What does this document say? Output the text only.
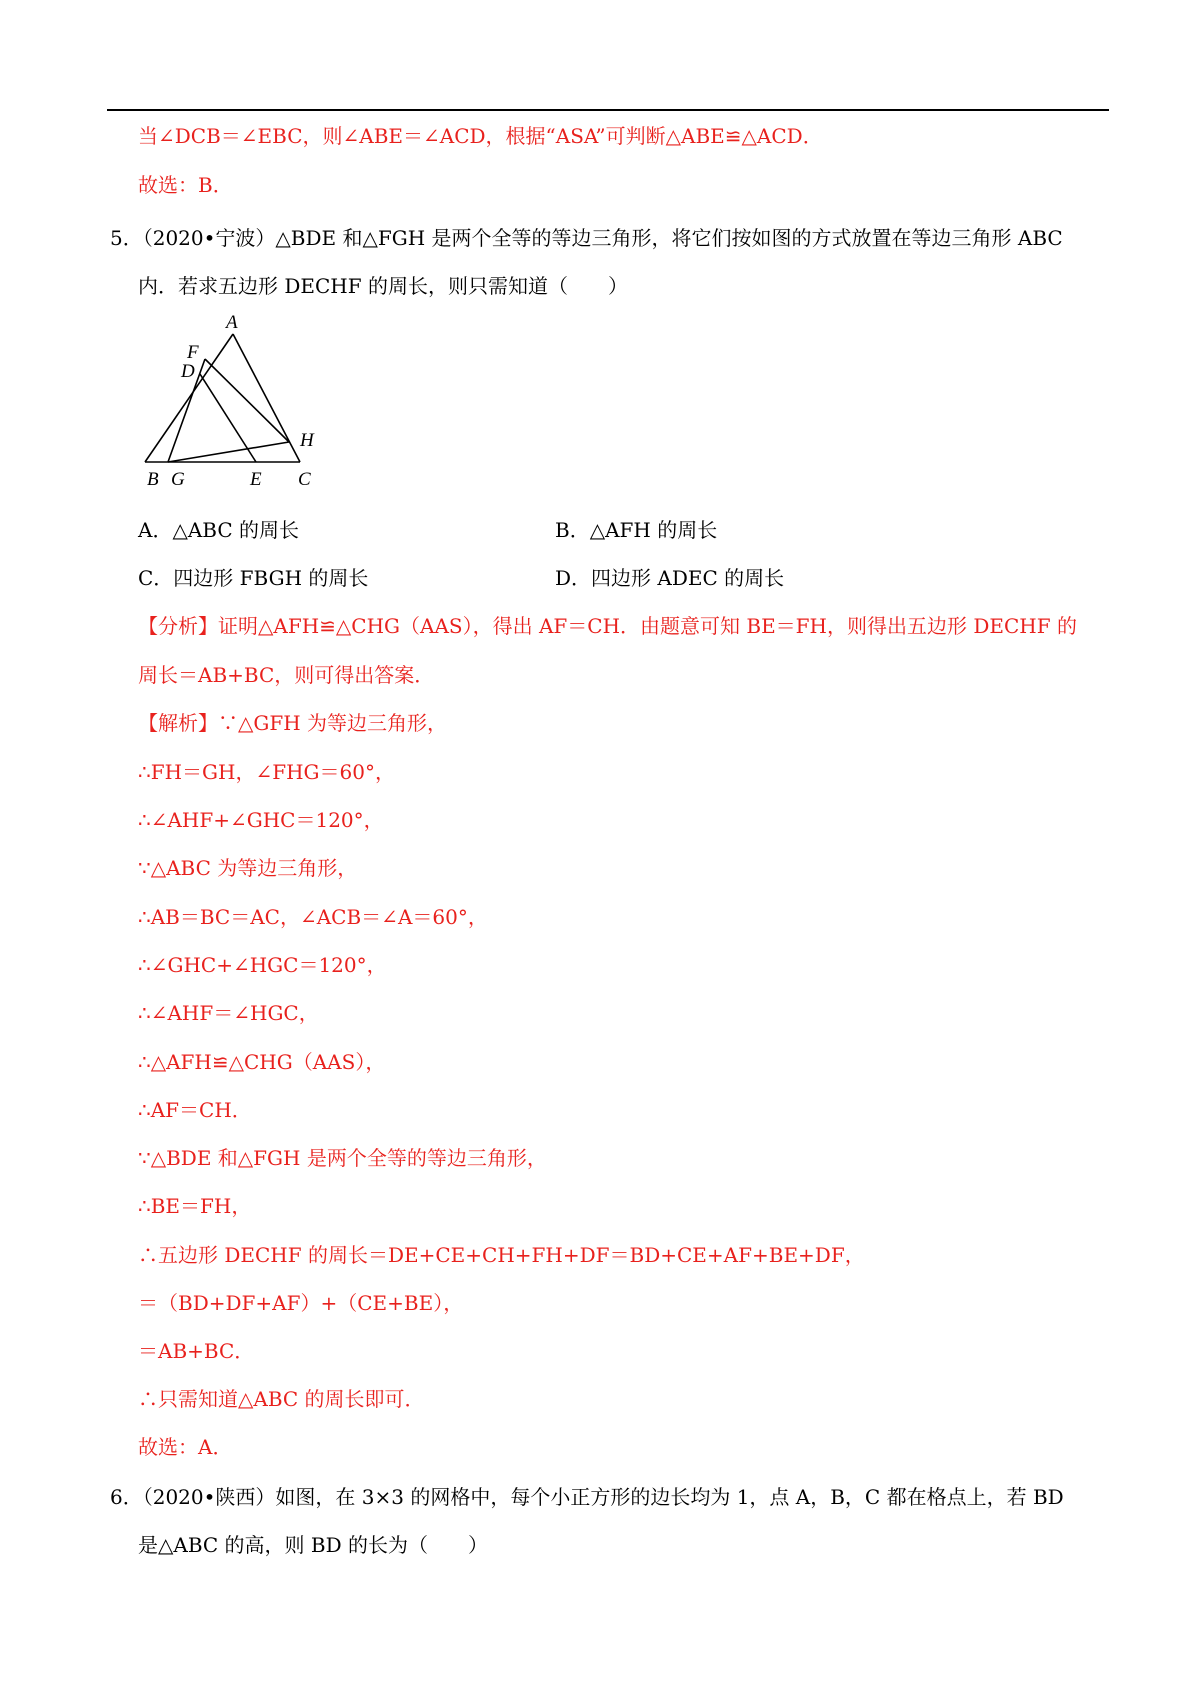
当∠DCB＝∠EBC，则∠ABE＝∠ACD，根据“ASA”可判断△ABE≌△ACD．
故选：B．
5．（2020•宁波）△BDE 和△FGH 是两个全等的等边三角形，将它们按如图的方式放置在等边三角形 ABC
内．若求五边形 DECHF 的周长，则只需知道（　　）
A
F
D
H
B G	E C
A．△ABC 的周长	B．△AFH 的周长
C．四边形 FBGH 的周长	D．四边形 ADEC 的周长
【分析】证明△AFH≌△CHG（AAS），得出 AF＝CH．由题意可知 BE＝FH，则得出五边形 DECHF 的
周长＝AB+BC，则可得出答案．
【解析】∵△GFH 为等边三角形，
∴FH＝GH，∠FHG＝60°，
∴∠AHF+∠GHC＝120°，
∵△ABC 为等边三角形，
∴AB＝BC＝AC，∠ACB＝∠A＝60°，
∴∠GHC+∠HGC＝120°，
∴∠AHF＝∠HGC，
∴△AFH≌△CHG（AAS），
∴AF＝CH．
∵△BDE 和△FGH 是两个全等的等边三角形，
∴BE＝FH，
∴五边形 DECHF 的周长＝DE+CE+CH+FH+DF＝BD+CE+AF+BE+DF，
＝（BD+DF+AF）+（CE+BE），
＝AB+BC．
∴只需知道△ABC 的周长即可．
故选：A．
6．（2020•陕西）如图，在 3×3 的网格中，每个小正方形的边长均为 1，点 A，B，C 都在格点上，若 BD
是△ABC 的高，则 BD 的长为（　　）
